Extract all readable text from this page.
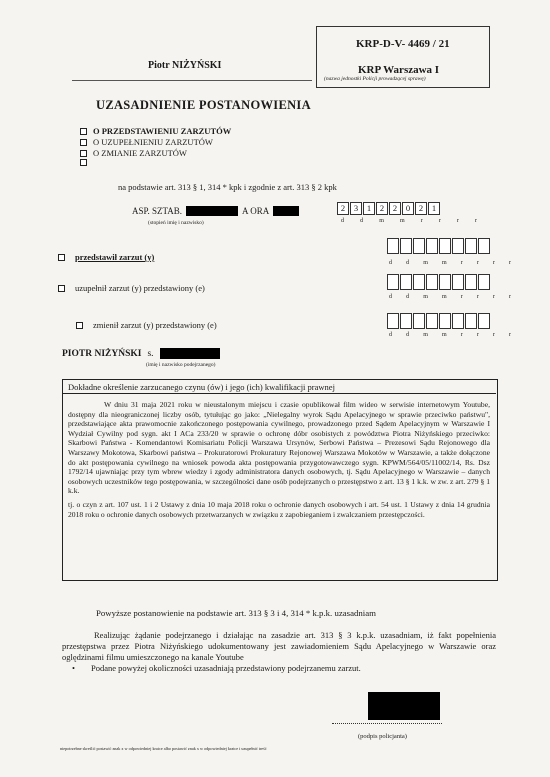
KRP-D-V- 4469 / 21
KRP Warszawa I
(nazwa jednostki Policji prowadzącej sprawę)
Piotr NIŻYŃSKI
UZASADNIENIE POSTANOWIENIA
O PRZEDSTAWIENIU ZARZUTÓW
O UZUPEŁNIENIU ZARZUTÓW
O ZMIANIE ZARZUTÓW
na podstawie art. 313 § 1, 314 * kpk i zgodnie z art. 313 § 2 kpk
ASP. SZTAB.	A ORA
(stopień imię i nazwisko)
2	3	1	2	2	0	2	1
d d m m r r r r
przedstawił zarzut (y)
d d m m r r r r
uzupełnił zarzut (y) przedstawiony (e)
d d m m r r r r
zmienił zarzut (y) przedstawiony (e)
d d m m r r r r
PIOTR NIŻYŃSKI s.
(imię i nazwisko podejrzanego)
Dokładne określenie zarzucanego czynu (ów) i jego (ich) kwalifikacji prawnej

W dniu 31 maja 2021 roku w nieustalonym miejscu i czasie opublikował film wideo w serwisie internetowym Youtube, dostępny dla nieograniczonej liczby osób, tytułując go jako: „Nielegalny wyrok Sądu Apelacyjnego w sprawie przeciwko państwu", przedstawiające akta prawomocnie zakończonego postępowania cywilnego, prowadzonego przed Sądem Apelacyjnym w Warszawie I Wydział Cywilny pod sygn. akt I ACa 233/20 w sprawie o ochronę dóbr osobistych z powództwa Piotra Niżyńskiego przeciwko: Skarbowi Państwa - Komendantowi Komisariatu Policji Warszawa Ursynów, Serbowi Państwa – Prezesowi Sądu Rejonowego dla Warszawy Mokotowa, Skarbowi państwa – Prokuratorowi Prokuratury Rejonowej Warszawa Mokotów w Warszawie, a także dołączone do akt postępowania cywilnego na wniosek powoda akta postępowania przygotowawczego sygn. KPWM/564/05/11002/14, Rs. Dsz 1792/14 ujawniając przy tym wbrew wiedzy i zgody administratora danych osobowych, tj. Sądu Apelacyjnego w Warszawie – danych osobowych uczestników tego postępowania, w szczególności dane osób podejrzanych o przestępstwo z art. 13 § 1 k.k. w zw. z art. 279 § 1 k.k.

tj. o czyn z art. 107 ust. 1 i 2 Ustawy z dnia 10 maja 2018 roku o ochronie danych osobowych i art. 54 ust. 1 Ustawy z dnia 14 grudnia 2018 roku o ochronie danych osobowych przetwarzanych w związku z zapobieganiem i zwalczaniem przestępczości.

Powyższe postanowienie na podstawie art. 313 § 3 i 4, 314 * k.p.k. uzasadniam

Realizując żądanie podejrzanego i działając na zasadzie art. 313 § 3 k.p.k. uzasadniam, iż fakt popełnienia przestępstwa przez Piotra Niżyńskiego udokumentowany jest zawiadomieniem Sądu Apelacyjnego w Warszawie oraz oględzinami filmu umieszczonego na kanale Youtube

• Podane powyżej okoliczności uzasadniają przedstawiony podejrzanemu zarzut.

(podpis policjanta)
niepotrzebne skreślić postawić znak x w odpowiedniej kratce albo postawić znak x w odpowiedniej kratce i uzupełnić treść
